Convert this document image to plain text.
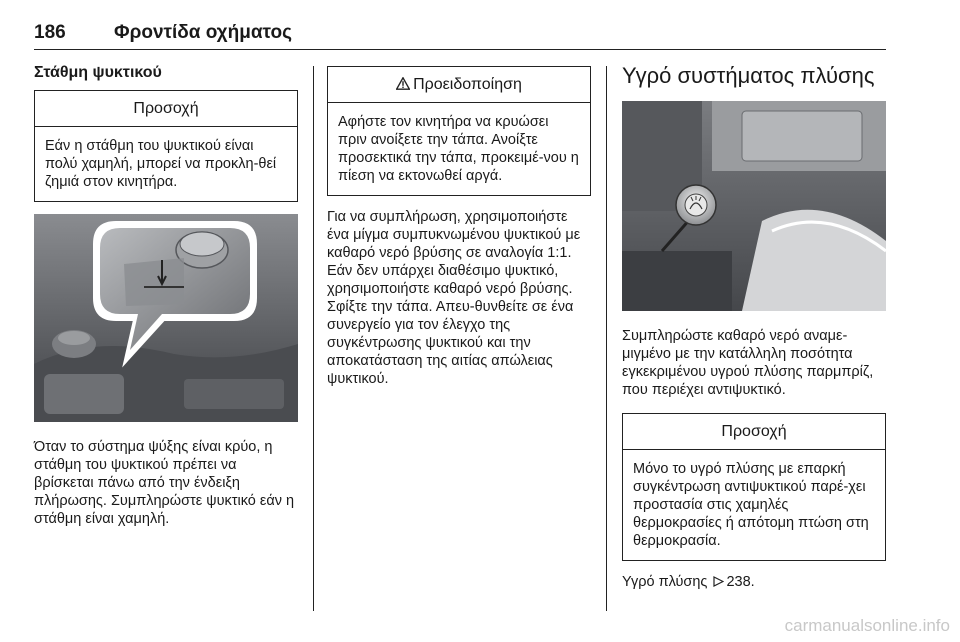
186	Φροντίδα οχήματος
Στάθμη ψυκτικού
Προσοχή
Εάν η στάθμη του ψυκτικού είναι πολύ χαμηλή, μπορεί να προκλη-θεί ζημιά στον κινητήρα.

Όταν το σύστημα ψύξης είναι κρύο, η στάθμη του ψυκτικού πρέπει να βρίσκεται πάνω από την ένδειξη πλήρωσης. Συμπληρώστε ψυκτικό εάν η στάθμη είναι χαμηλή.

Προειδοποίηση
Αφήστε τον κινητήρα να κρυώσει πριν ανοίξετε την τάπα. Ανοίξτε προσεκτικά την τάπα, προκειμέ-νου η πίεση να εκτονωθεί αργά.

Για να συμπλήρωση, χρησιμοποιήστε ένα μίγμα συμπυκνωμένου ψυκτικού με καθαρό νερό βρύσης σε αναλογία 1:1. Εάν δεν υπάρχει διαθέσιμο ψυκτικό, χρησιμοποιήστε καθαρό νερό βρύσης. Σφίξτε την τάπα. Απευ-θυνθείτε σε ένα συνεργείο για τον έλεγχο της συγκέντρωσης ψυκτικού και την αποκατάσταση της αιτίας απώλειας ψυκτικού.

Υγρό συστήματος πλύσης

Συμπληρώστε καθαρό νερό αναμε-μιγμένο με την κατάλληλη ποσότητα εγκεκριμένου υγρού πλύσης παρμπρίζ, που περιέχει αντιψυκτικό.

Προσοχή
Μόνο το υγρό πλύσης με επαρκή συγκέντρωση αντιψυκτικού παρέ-χει προστασία στις χαμηλές θερμοκρασίες ή απότομη πτώση στη θερμοκρασία.

Υγρό πλύσης 238.

carmanualsonline.info
